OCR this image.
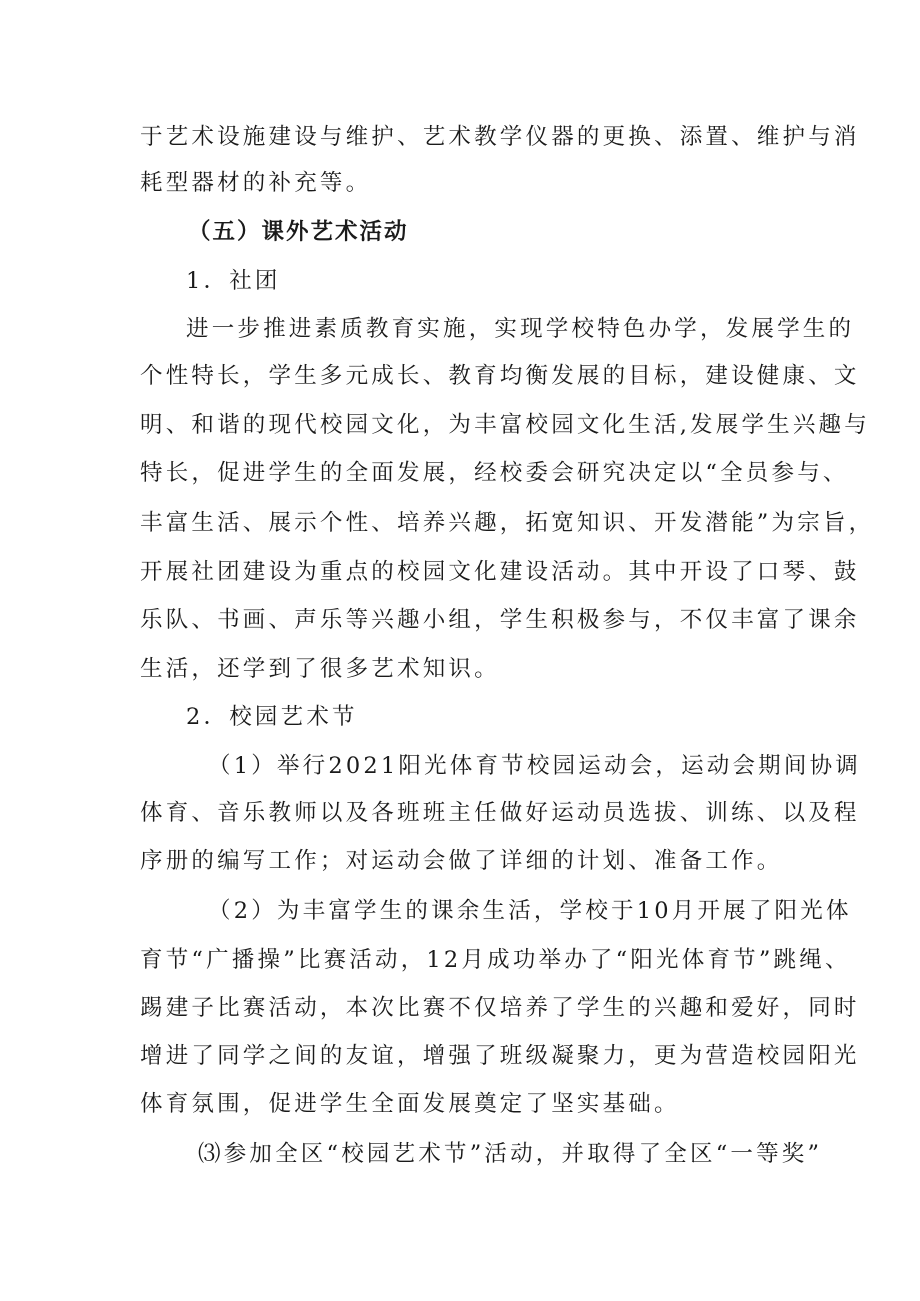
于艺术设施建设与维护、艺术教学仪器的更换、添置、维护与消
耗型器材的补充等。
（五）课外艺术活动
1．社团
进一步推进素质教育实施，实现学校特色办学，发展学生的
个性特长，学生多元成长、教育均衡发展的目标，建设健康、文
明、和谐的现代校园文化，为丰富校园文化生活,发展学生兴趣与
特长，促进学生的全面发展，经校委会研究决定以“全员参与、
丰富生活、展示个性、培养兴趣，拓宽知识、开发潜能”为宗旨，
开展社团建设为重点的校园文化建设活动。其中开设了口琴、鼓
乐队、书画、声乐等兴趣小组，学生积极参与，不仅丰富了课余
生活，还学到了很多艺术知识。
2．校园艺术节
（1）举行2021阳光体育节校园运动会，运动会期间协调
体育、音乐教师以及各班班主任做好运动员选拔、训练、以及程
序册的编写工作；对运动会做了详细的计划、准备工作。
（2）为丰富学生的课余生活，学校于10月开展了阳光体
育节“广播操”比赛活动，12月成功举办了“阳光体育节”跳绳、
踢建子比赛活动，本次比赛不仅培养了学生的兴趣和爱好，同时
增进了同学之间的友谊，增强了班级凝聚力，更为营造校园阳光
体育氛围，促进学生全面发展奠定了坚实基础。
⑶参加全区“校园艺术节”活动，并取得了全区“一等奖”
